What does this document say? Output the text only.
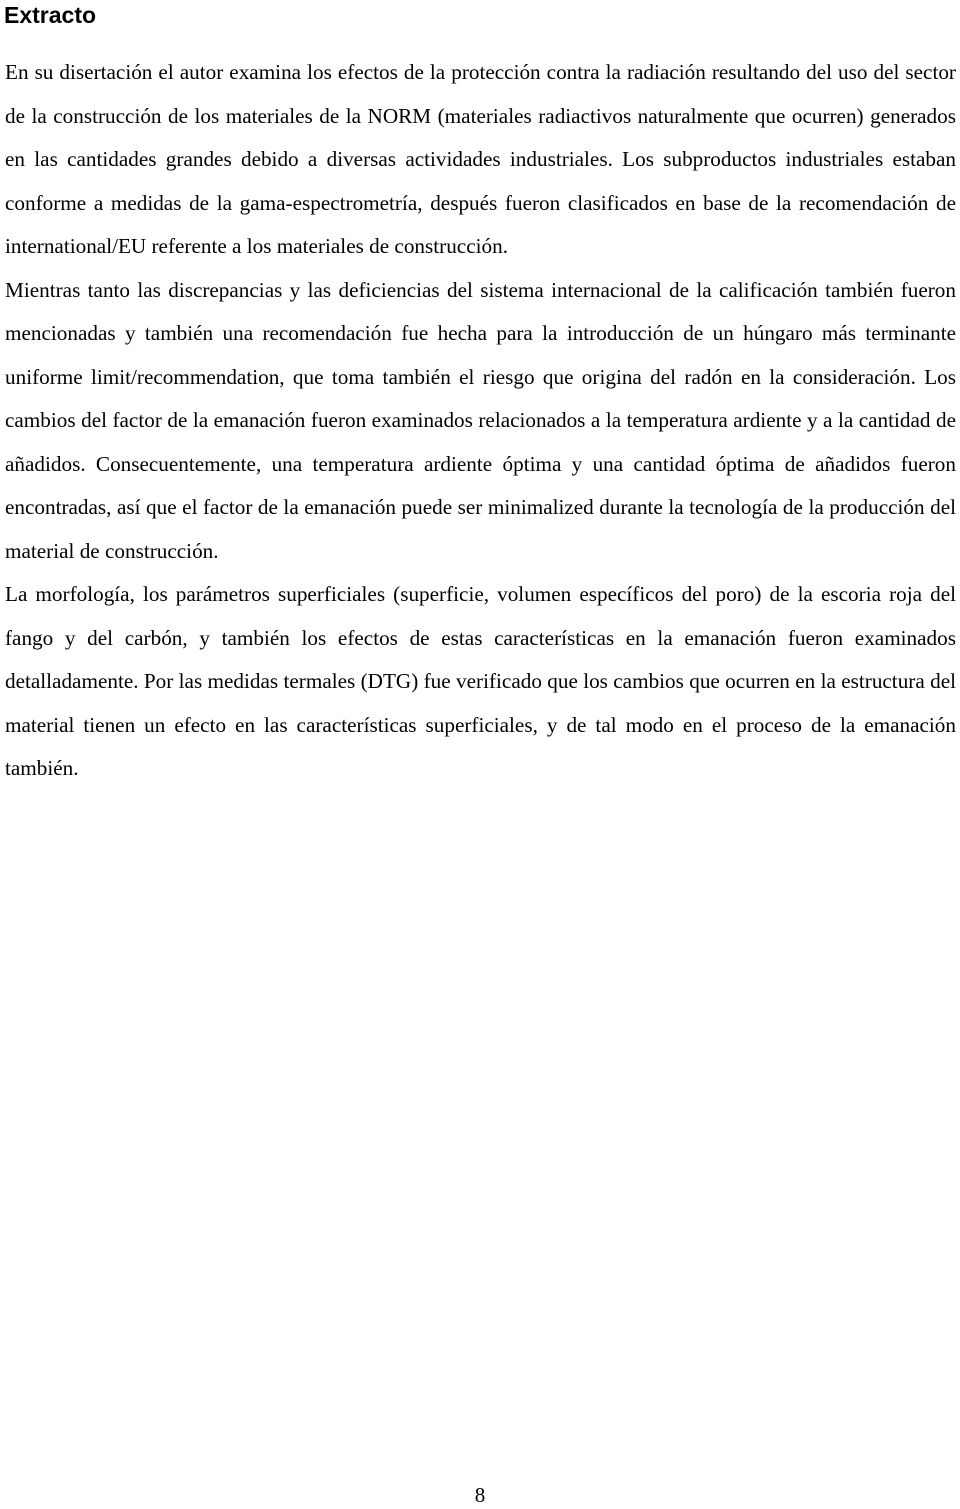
Extracto

En su disertación el autor examina los efectos de la protección contra la radiación resultando del uso del sector de la construcción de los materiales de la NORM (materiales radiactivos naturalmente que ocurren) generados en las cantidades grandes debido a diversas actividades industriales. Los subproductos industriales estaban conforme a medidas de la gama-espectrometría, después fueron clasificados en base de la recomendación de international/EU referente a los materiales de construcción.

Mientras tanto las discrepancias y las deficiencias del sistema internacional de la calificación también fueron mencionadas y también una recomendación fue hecha para la introducción de un húngaro más terminante uniforme limit/recommendation, que toma también el riesgo que origina del radón en la consideración. Los cambios del factor de la emanación fueron examinados relacionados a la temperatura ardiente y a la cantidad de añadidos. Consecuentemente, una temperatura ardiente óptima y una cantidad óptima de añadidos fueron encontradas, así que el factor de la emanación puede ser minimalized durante la tecnología de la producción del material de construcción.

La morfología, los parámetros superficiales (superficie, volumen específicos del poro) de la escoria roja del fango y del carbón, y también los efectos de estas características en la emanación fueron examinados detalladamente. Por las medidas termales (DTG) fue verificado que los cambios que ocurren en la estructura del material tienen un efecto en las características superficiales, y de tal modo en el proceso de la emanación también.

8
